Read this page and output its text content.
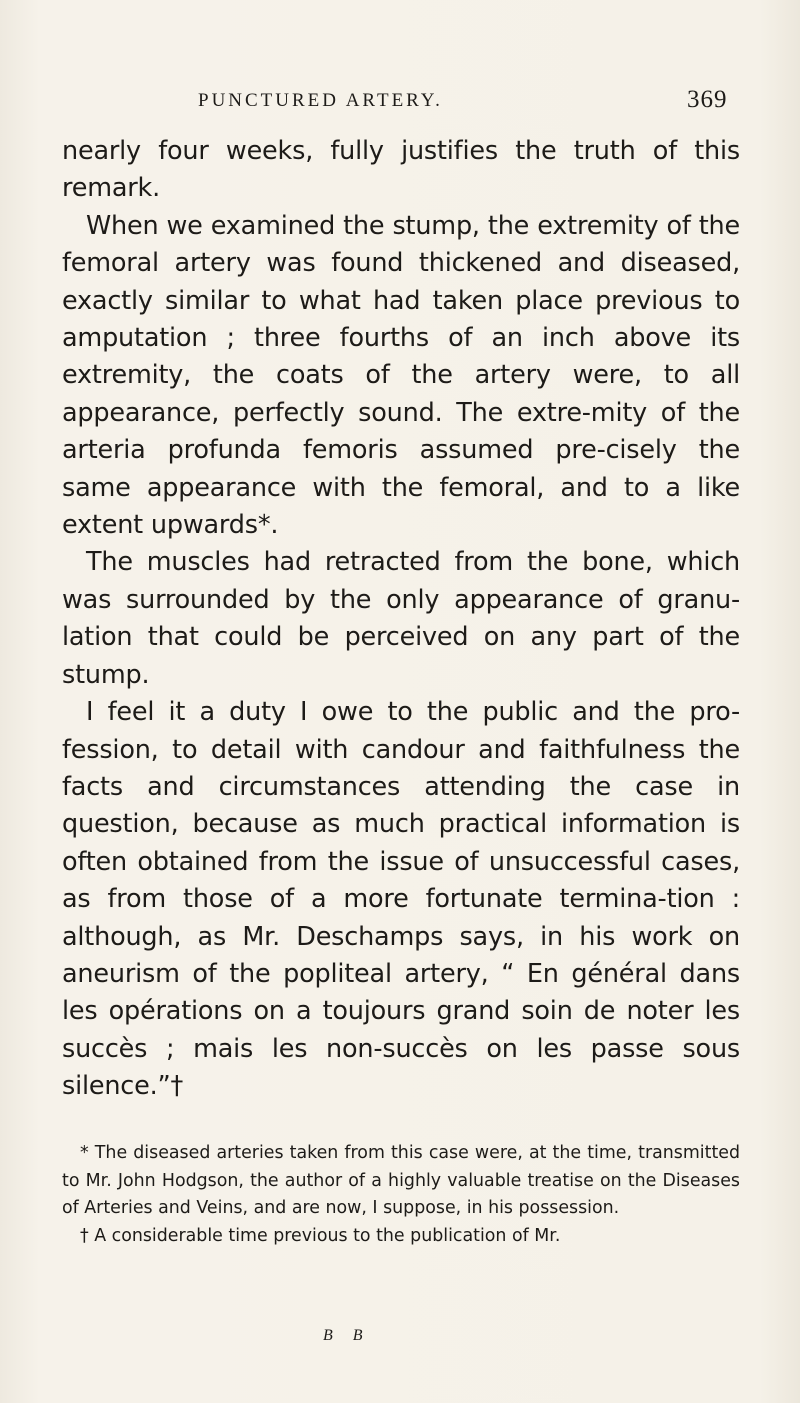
PUNCTURED ARTERY.	369

nearly four weeks, fully justifies the truth of this remark.

When we examined the stump, the extremity of the femoral artery was found thickened and diseased, exactly similar to what had taken place previous to amputation ; three fourths of an inch above its extremity, the coats of the artery were, to all appearance, perfectly sound. The extre-mity of the arteria profunda femoris assumed pre-cisely the same appearance with the femoral, and to a like extent upwards*.

The muscles had retracted from the bone, which was surrounded by the only appearance of granu-lation that could be perceived on any part of the stump.

I feel it a duty I owe to the public and the pro-fession, to detail with candour and faithfulness the facts and circumstances attending the case in question, because as much practical information is often obtained from the issue of unsuccessful cases, as from those of a more fortunate termina-tion : although, as Mr. Deschamps says, in his work on aneurism of the popliteal artery, “ En général dans les opérations on a toujours grand soin de noter les succès ; mais les non-succès on les passe sous silence.”†

* The diseased arteries taken from this case were, at the time, transmitted to Mr. John Hodgson, the author of a highly valuable treatise on the Diseases of Arteries and Veins, and are now, I suppose, in his possession.

† A considerable time previous to the publication of Mr.

B B
